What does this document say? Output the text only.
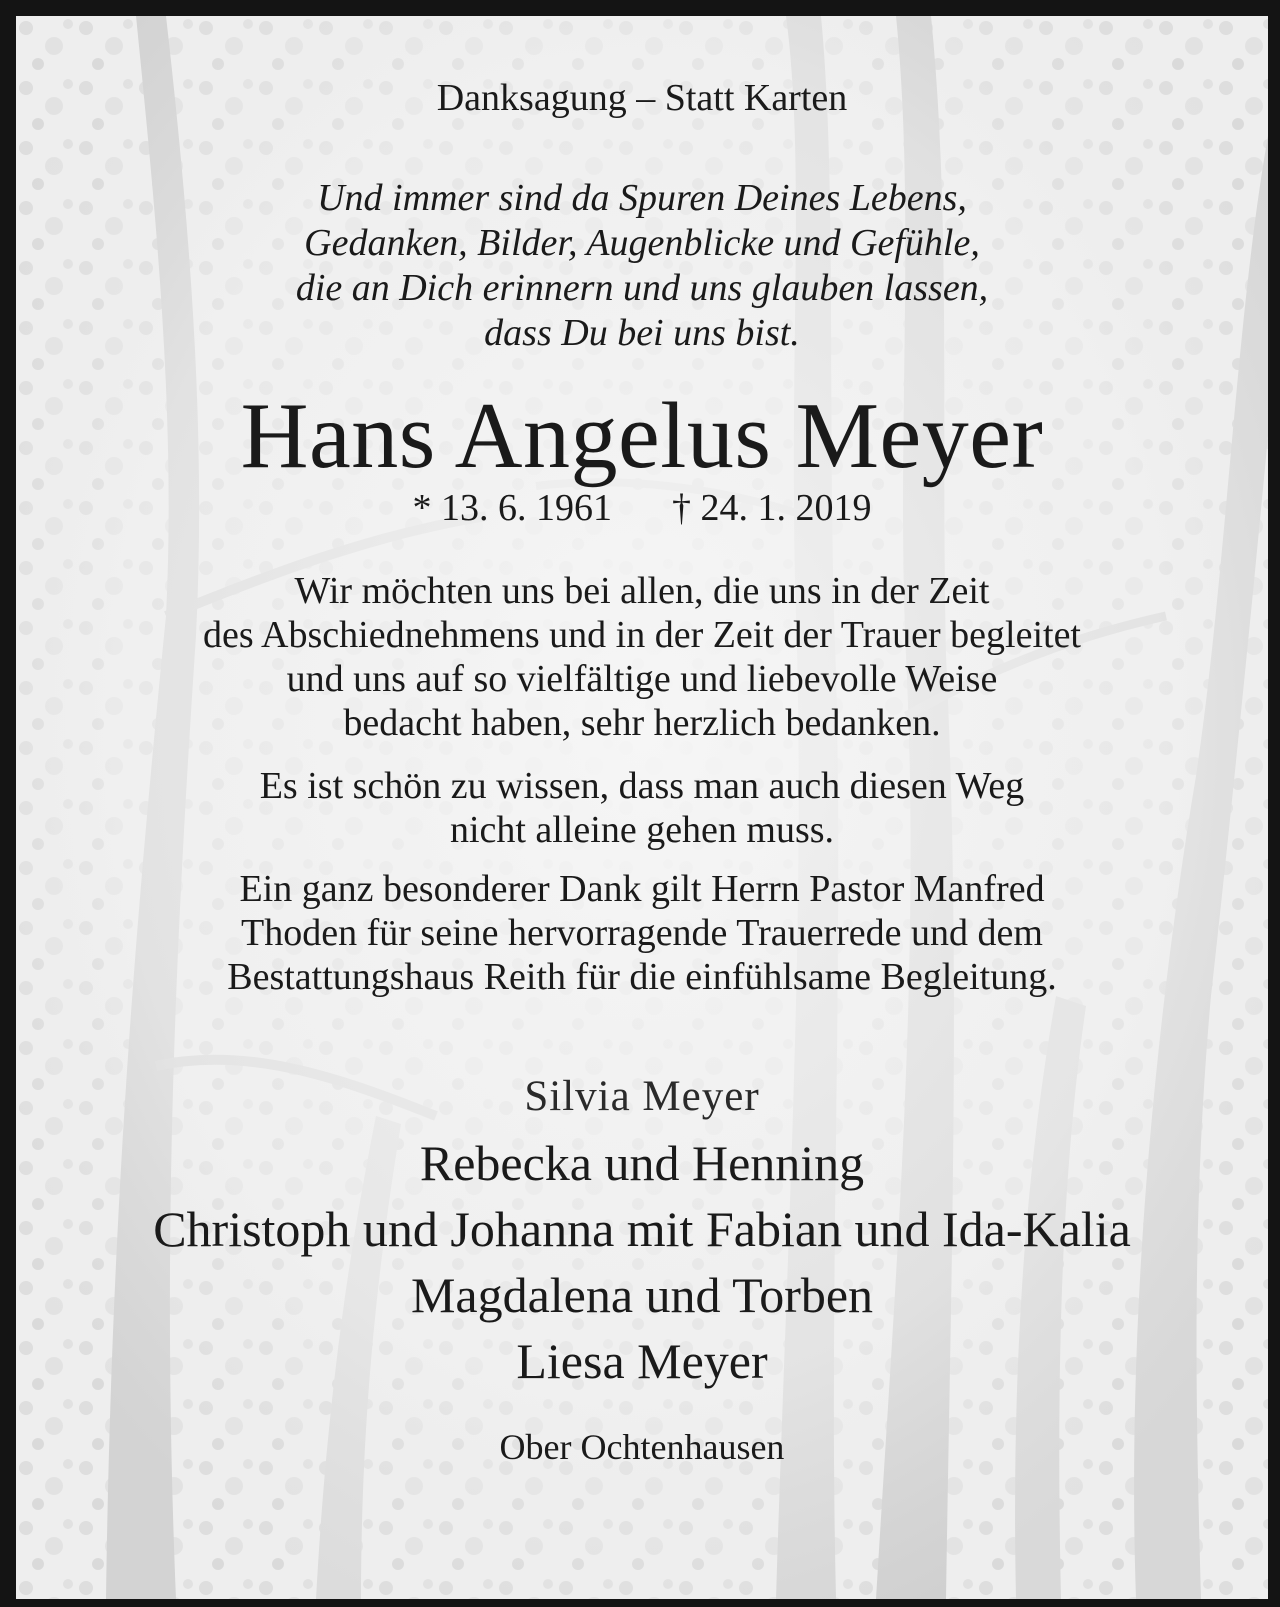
Danksagung – Statt Karten
Und immer sind da Spuren Deines Lebens,
Gedanken, Bilder, Augenblicke und Gefühle,
die an Dich erinnern und uns glauben lassen,
dass Du bei uns bist.
Hans Angelus Meyer
* 13. 6. 1961 † 24. 1. 2019
Wir möchten uns bei allen, die uns in der Zeit
des Abschiednehmens und in der Zeit der Trauer begleitet
und uns auf so vielfältige und liebevolle Weise
bedacht haben, sehr herzlich bedanken.
Es ist schön zu wissen, dass man auch diesen Weg
nicht alleine gehen muss.
Ein ganz besonderer Dank gilt Herrn Pastor Manfred
Thoden für seine hervorragende Trauerrede und dem
Bestattungshaus Reith für die einfühlsame Begleitung.
Silvia Meyer
Rebecka und Henning
Christoph und Johanna mit Fabian und Ida-Kalia
Magdalena und Torben
Liesa Meyer
Ober Ochtenhausen
